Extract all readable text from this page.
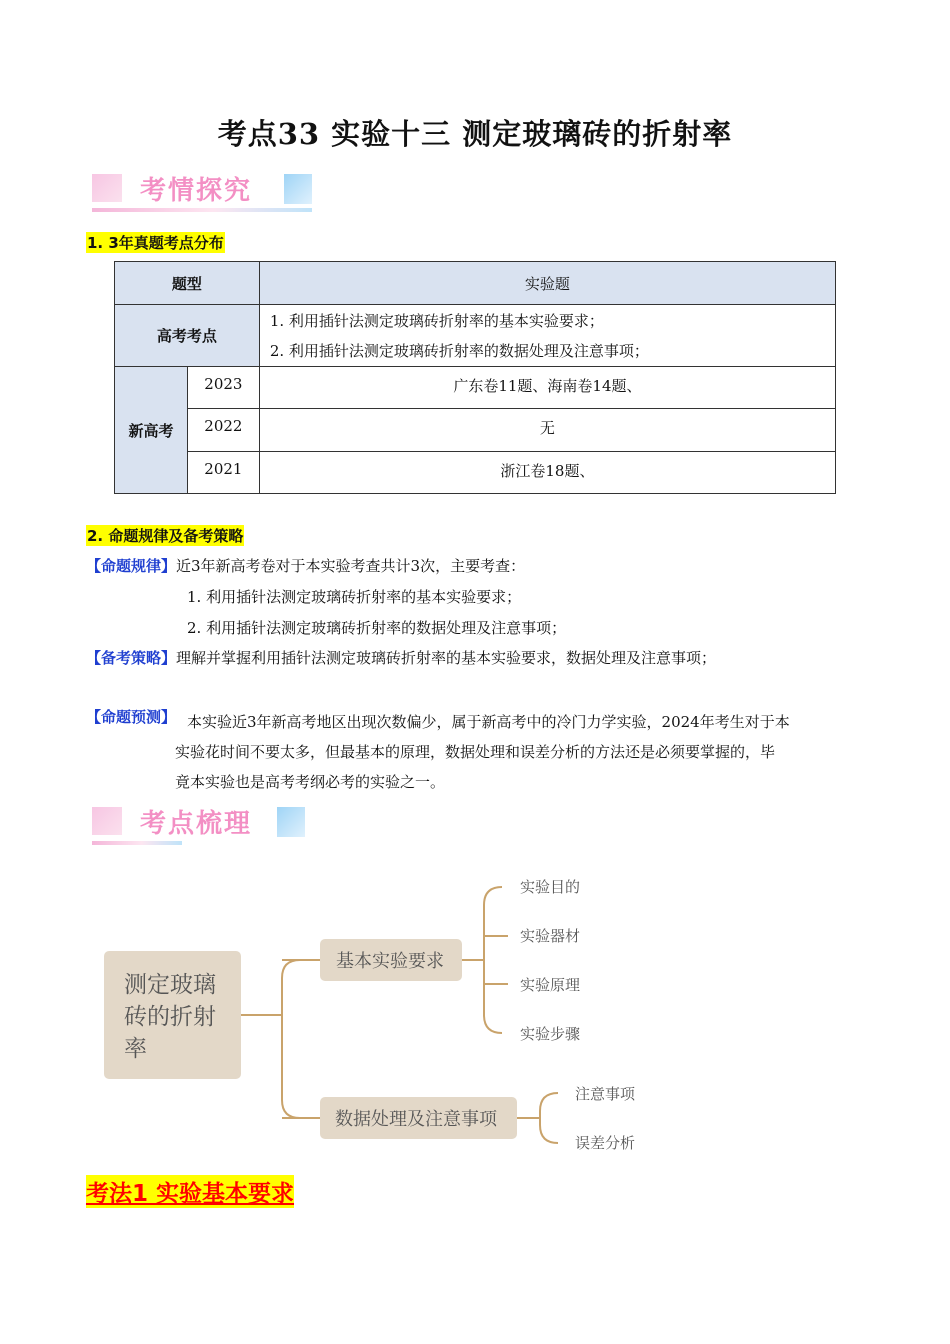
考点33 实验十三 测定玻璃砖的折射率
考情探究
1. 3年真题考点分布
题型		实验题
高考考点		1. 利用插针法测定玻璃砖折射率的基本实验要求；
2. 利用插针法测定玻璃砖折射率的数据处理及注意事项；

新高考	2023	广东卷11题、海南卷14题、
	2022	无
	2021	浙江卷18题、
2. 命题规律及备考策略
【命题规律】近3年新高考卷对于本实验考查共计3次，主要考查：
1. 利用插针法测定玻璃砖折射率的基本实验要求；
2. 利用插针法测定玻璃砖折射率的数据处理及注意事项；
【备考策略】理解并掌握利用插针法测定玻璃砖折射率的基本实验要求，数据处理及注意事项；
【命题预测】 本实验近3年新高考地区出现次数偏少，属于新高考中的冷门力学实验，2024年考生对于本
实验花时间不要太多，但最基本的原理，数据处理和误差分析的方法还是必须要掌握的，毕
竟本实验也是高考考纲必考的实验之一。
考点梳理
测定玻璃
砖的折射
率
基本实验要求
数据处理及注意事项
实验目的
实验器材
实验原理
实验步骤
注意事项
误差分析
考法1 实验基本要求
